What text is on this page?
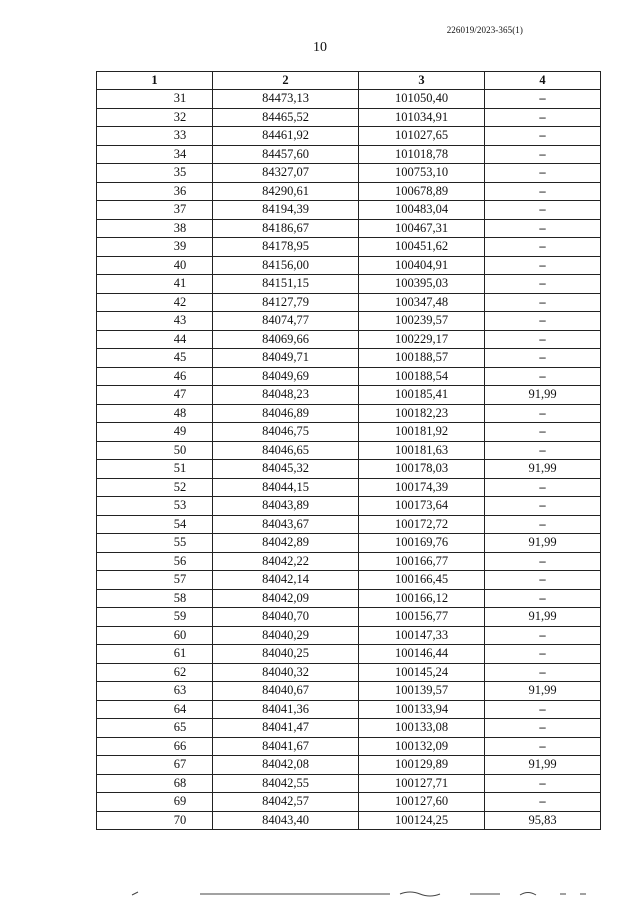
226019/2023-365(1)
10
1	2	3	4
31	84473,13	101050,40	–
32	84465,52	101034,91	–
33	84461,92	101027,65	–
34	84457,60	101018,78	–
35	84327,07	100753,10	–
36	84290,61	100678,89	–
37	84194,39	100483,04	–
38	84186,67	100467,31	–
39	84178,95	100451,62	–
40	84156,00	100404,91	–
41	84151,15	100395,03	–
42	84127,79	100347,48	–
43	84074,77	100239,57	–
44	84069,66	100229,17	–
45	84049,71	100188,57	–
46	84049,69	100188,54	–
47	84048,23	100185,41	91,99
48	84046,89	100182,23	–
49	84046,75	100181,92	–
50	84046,65	100181,63	–
51	84045,32	100178,03	91,99
52	84044,15	100174,39	–
53	84043,89	100173,64	–
54	84043,67	100172,72	–
55	84042,89	100169,76	91,99
56	84042,22	100166,77	–
57	84042,14	100166,45	–
58	84042,09	100166,12	–
59	84040,70	100156,77	91,99
60	84040,29	100147,33	–
61	84040,25	100146,44	–
62	84040,32	100145,24	–
63	84040,67	100139,57	91,99
64	84041,36	100133,94	–
65	84041,47	100133,08	–
66	84041,67	100132,09	–
67	84042,08	100129,89	91,99
68	84042,55	100127,71	–
69	84042,57	100127,60	–
70	84043,40	100124,25	95,83
